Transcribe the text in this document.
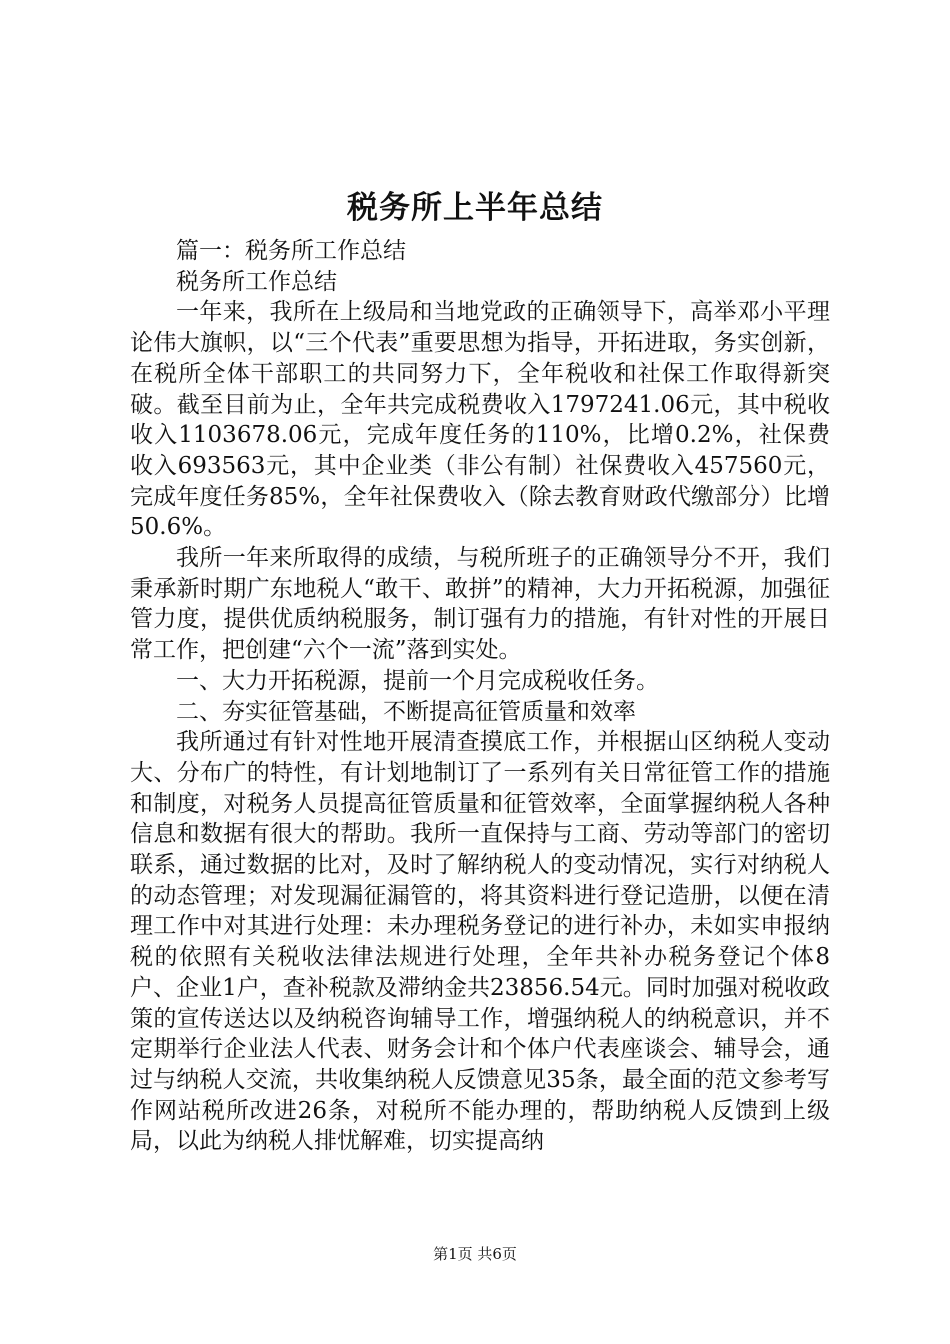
税务所上半年总结

篇一：税务所工作总结

税务所工作总结

一年来，我所在上级局和当地党政的正确领导下，高举邓小平理论伟大旗帜，以“三个代表”重要思想为指导，开拓进取，务实创新，在税所全体干部职工的共同努力下，全年税收和社保工作取得新突破。截至目前为止，全年共完成税费收入1797241.06元，其中税收收入1103678.06元，完成年度任务的110%，比增0.2%，社保费收入693563元，其中企业类（非公有制）社保费收入457560元，完成年度任务85%，全年社保费收入（除去教育财政代缴部分）比增50.6%。

我所一年来所取得的成绩，与税所班子的正确领导分不开，我们秉承新时期广东地税人“敢干、敢拼”的精神，大力开拓税源，加强征管力度，提供优质纳税服务，制订强有力的措施，有针对性的开展日常工作，把创建“六个一流”落到实处。

一、大力开拓税源，提前一个月完成税收任务。

二、夯实征管基础，不断提高征管质量和效率

我所通过有针对性地开展清查摸底工作，并根据山区纳税人变动大、分布广的特性，有计划地制订了一系列有关日常征管工作的措施和制度，对税务人员提高征管质量和征管效率，全面掌握纳税人各种信息和数据有很大的帮助。我所一直保持与工商、劳动等部门的密切联系，通过数据的比对，及时了解纳税人的变动情况，实行对纳税人的动态管理；对发现漏征漏管的，将其资料进行登记造册，以便在清理工作中对其进行处理：未办理税务登记的进行补办，未如实申报纳税的依照有关税收法律法规进行处理，全年共补办税务登记个体8户、企业1户，查补税款及滞纳金共23856.54元。同时加强对税收政策的宣传送达以及纳税咨询辅导工作，增强纳税人的纳税意识，并不定期举行企业法人代表、财务会计和个体户代表座谈会、辅导会，通过与纳税人交流，共收集纳税人反馈意见35条，最全面的范文参考写作网站税所改进26条，对税所不能办理的，帮助纳税人反馈到上级局，以此为纳税人排忧解难，切实提高纳

第1页 共6页
